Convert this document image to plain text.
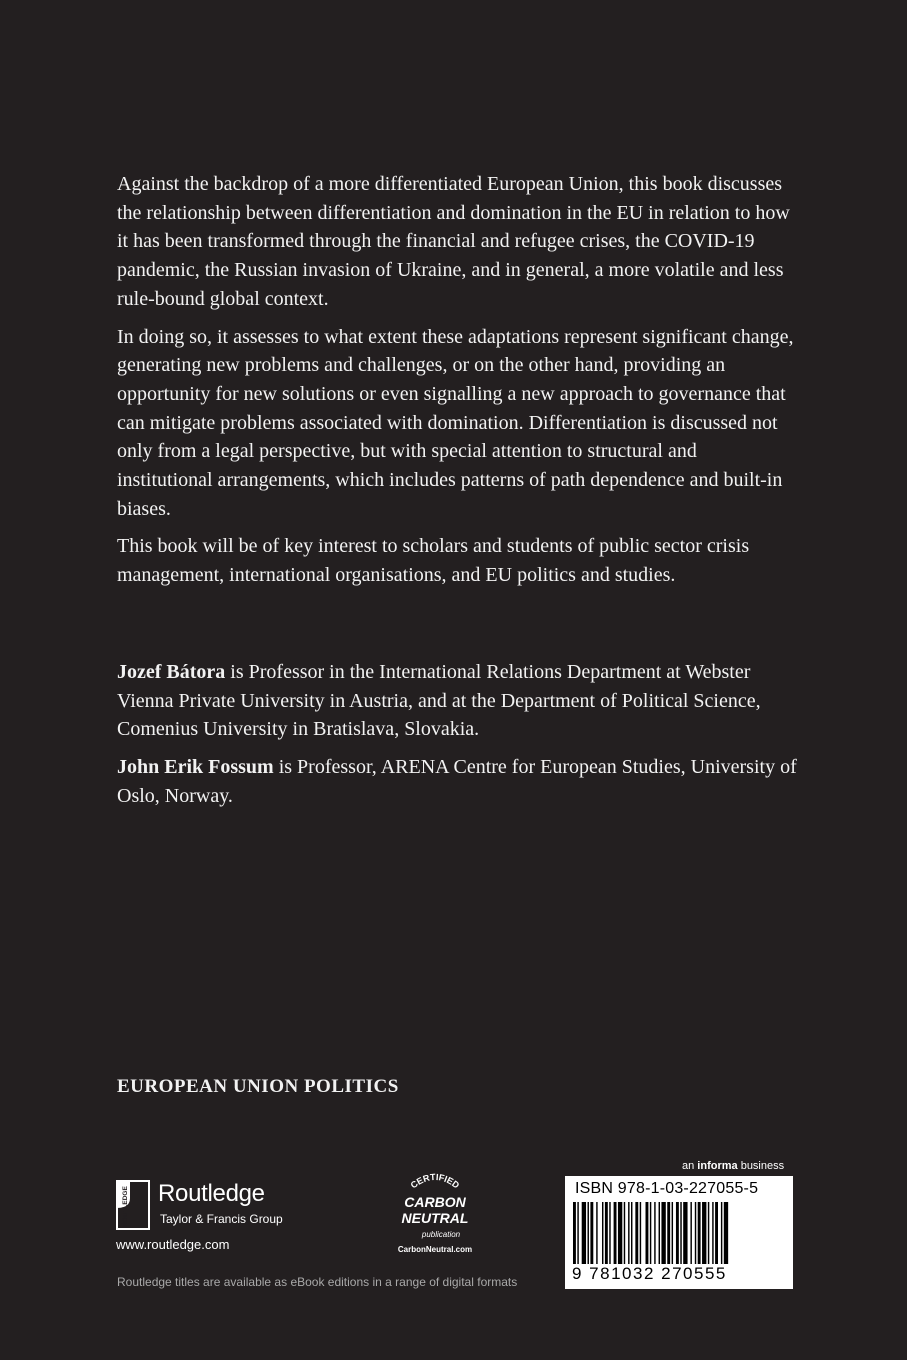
Against the backdrop of a more differentiated European Union, this book discusses the relationship between differentiation and domination in the EU in relation to how it has been transformed through the financial and refugee crises, the COVID-19 pandemic, the Russian invasion of Ukraine, and in general, a more volatile and less rule-bound global context.

In doing so, it assesses to what extent these adaptations represent significant change, generating new problems and challenges, or on the other hand, providing an opportunity for new solutions or even signalling a new approach to governance that can mitigate problems associated with domination. Differentiation is discussed not only from a legal perspective, but with special attention to structural and institutional arrangements, which includes patterns of path dependence and built-in biases.

This book will be of key interest to scholars and students of public sector crisis management, international organisations, and EU politics and studies.

Jozef Bátora is Professor in the International Relations Department at Webster Vienna Private University in Austria, and at the Department of Political Science, Comenius University in Bratislava, Slovakia.

John Erik Fossum is Professor, ARENA Centre for European Studies, University of Oslo, Norway.

EUROPEAN UNION POLITICS
ROUTLEDGE Routledge
Taylor & Francis Group
www.routledge.com
CERTIFIED
CARBON
NEUTRAL
publication
CarbonNeutral.com
an informa business
ISBN 978-1-03-227055-5
9 781032 270555
Routledge titles are available as eBook editions in a range of digital formats
